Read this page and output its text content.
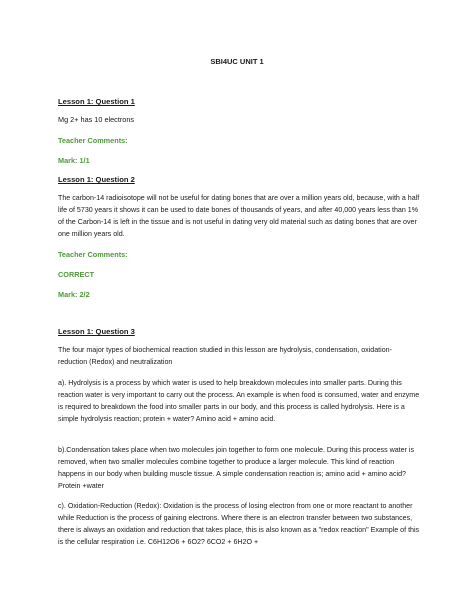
SBI4UC UNIT 1
Lesson 1: Question 1
Mg 2+ has 10 electrons
Teacher Comments:
Mark: 1/1
Lesson 1: Question 2
The carbon-14 radioisotope will not be useful for dating bones that are over a million years old, because, with a half life of 5730 years it shows it can be used to date bones of thousands of years, and after 40,000 years less than 1% of the Carbon-14 is left in the tissue and is not useful in dating very old material such as dating bones that are over one million years old.
Teacher Comments:
CORRECT
Mark: 2/2
Lesson 1: Question 3
The four major types of biochemical reaction studied in this lesson are hydrolysis, condensation, oxidation-reduction (Redox) and neutralization
a). Hydrolysis is a process by which water is used to help breakdown molecules into smaller parts. During this reaction water is very important to carry out the process. An example is when food is consumed, water and enzyme is required to breakdown the food into smaller parts in our body, and this process is called hydrolysis. Here is a simple hydrolysis reaction; protein + water? Amino acid + amino acid.
b).Condensation takes place when two molecules join together to form one molecule. During this process water is removed, when two smaller molecules combine together to produce a larger molecule. This kind of reaction happens in our body when building muscle tissue. A simple condensation reaction is; amino acid + amino acid? Protein +water
c). Oxidation-Reduction (Redox): Oxidation is the process of losing electron from one or more reactant to another while Reduction is the process of gaining electrons. Where there is an electron transfer between two substances, there is always an oxidation and reduction that takes place, this is also known as a "redox reaction" Example of this is the cellular respiration i.e. C6H12O6 + 6O2? 6CO2 + 6H2O +
